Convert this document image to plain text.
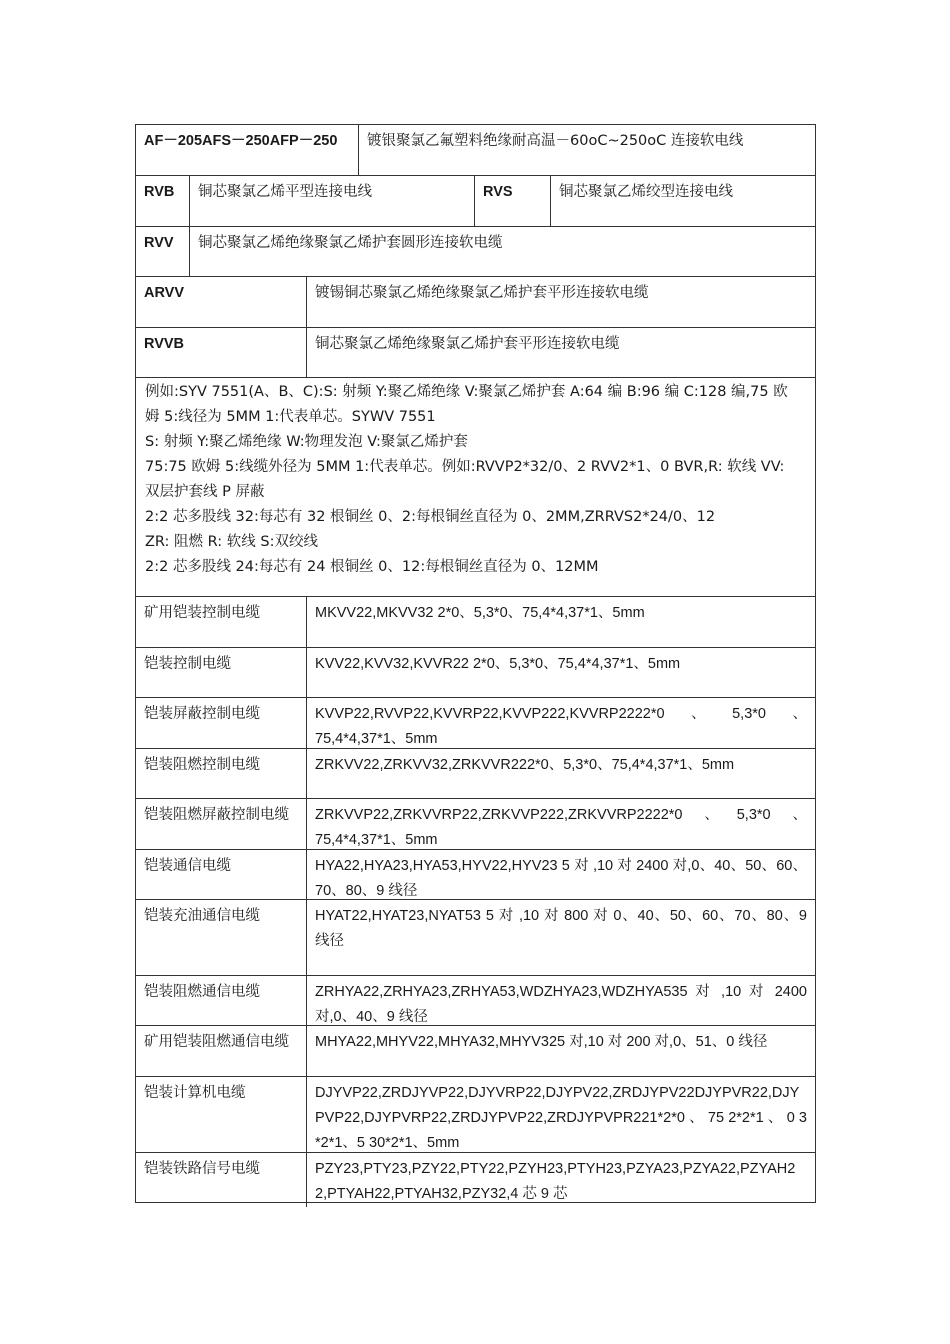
AF－205AFS－250AFP－250	镀银聚氯乙氟塑料绝缘耐高温－60oC~250oC 连接软电线
RVB	铜芯聚氯乙烯平型连接电线	RVS	铜芯聚氯乙烯绞型连接电线
RVV	铜芯聚氯乙烯绝缘聚氯乙烯护套圆形连接软电缆
ARVV	镀锡铜芯聚氯乙烯绝缘聚氯乙烯护套平形连接软电缆
RVVB	铜芯聚氯乙烯绝缘聚氯乙烯护套平形连接软电缆
例如:SYV 7551(A、B、C):S: 射频 Y:聚乙烯绝缘 V:聚氯乙烯护套 A:64 编 B:96 编 C:128 编,75 欧
姆 5:线径为 5MM 1:代表单芯。SYWV 7551
S: 射频 Y:聚乙烯绝缘 W:物理发泡 V:聚氯乙烯护套
75:75 欧姆 5:线缆外径为 5MM 1:代表单芯。例如:RVVP2*32/0、2 RVV2*1、0 BVR,R: 软线 VV:
双层护套线 P 屏蔽
2:2 芯多股线 32:每芯有 32 根铜丝 0、2:每根铜丝直径为 0、2MM,ZRRVS2*24/0、12
ZR: 阻燃 R: 软线 S:双绞线
2:2 芯多股线 24:每芯有 24 根铜丝 0、12:每根铜丝直径为 0、12MM
矿用铠装控制电缆	MKVV22,MKVV32 2*0、5,3*0、75,4*4,37*1、5mm
铠装控制电缆	KVV22,KVV32,KVVR22 2*0、5,3*0、75,4*4,37*1、5mm
铠装屏蔽控制电缆	KVVP22,RVVP22,KVVRP22,KVVP222,KVVRP2222*0、5,3*0、75,4*4,37*1、5mm
铠装阻燃控制电缆	ZRKVV22,ZRKVV32,ZRKVVR222*0、5,3*0、75,4*4,37*1、5mm
铠装阻燃屏蔽控制电缆	ZRKVVP22,ZRKVVRP22,ZRKVVP222,ZRKVVRP2222*0 、5,3*0 、75,4*4,37*1、5mm
铠装通信电缆	HYA22,HYA23,HYA53,HYV22,HYV23 5 对 ,10 对 2400 对,0、40、50、60、70、80、9 线径
铠装充油通信电缆	HYAT22,HYAT23,NYAT53 5 对 ,10 对 800 对 0、40、50、60、70、80、9 线径
铠装阻燃通信电缆	ZRHYA22,ZRHYA23,ZRHYA53,WDZHYA23,WDZHYA535 对 ,10 对 2400 对,0、40、9 线径
矿用铠装阻燃通信电缆	MHYA22,MHYV22,MHYA32,MHYV325 对,10 对 200 对,0、51、0 线径
铠装计算机电缆	DJYVP22,ZRDJYVP22,DJYVRP22,DJYPV22,ZRDJYPV22DJYPVR22,DJYPVP22,DJYPVRP22,ZRDJYPVP22,ZRDJYPVPR221*2*0 、 75 2*2*1 、 0 3*2*1、5 30*2*1、5mm
铠装铁路信号电缆	PZY23,PTY23,PZY22,PTY22,PZYH23,PTYH23,PZYA23,PZYA22,PZYAH22,PTYAH22,PTYAH32,PZY32,4 芯 9 芯
